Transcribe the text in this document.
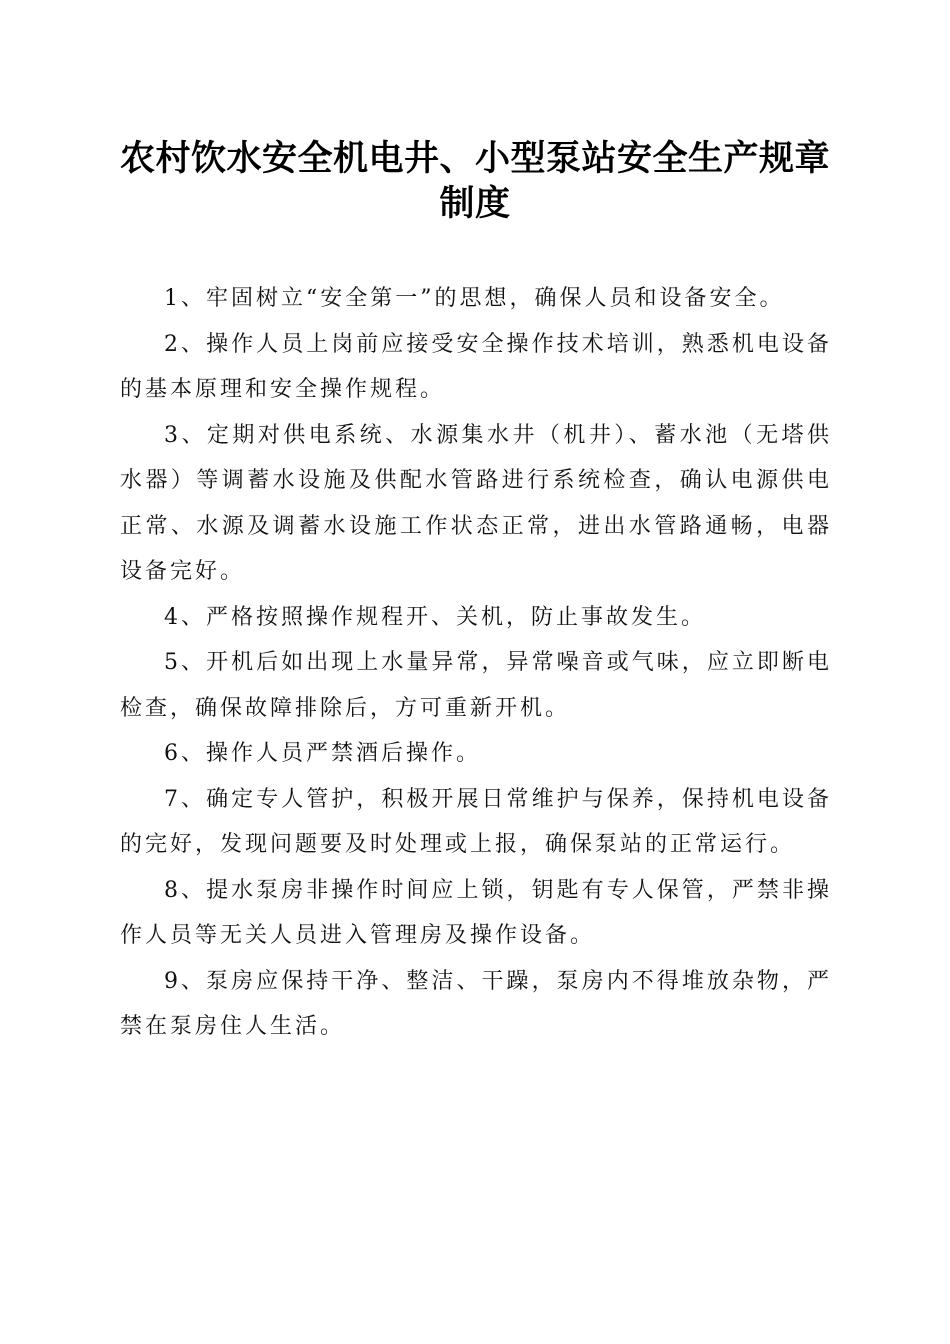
农村饮水安全机电井、小型泵站安全生产规章
制度

1、牢固树立“安全第一”的思想，确保人员和设备安全。

2、操作人员上岗前应接受安全操作技术培训，熟悉机电设备的基本原理和安全操作规程。

3、定期对供电系统、水源集水井（机井）、蓄水池（无塔供水器）等调蓄水设施及供配水管路进行系统检查，确认电源供电正常、水源及调蓄水设施工作状态正常，进出水管路通畅，电器设备完好。

4、严格按照操作规程开、关机，防止事故发生。

5、开机后如出现上水量异常，异常噪音或气味，应立即断电检查，确保故障排除后，方可重新开机。

6、操作人员严禁酒后操作。

7、确定专人管护，积极开展日常维护与保养，保持机电设备的完好，发现问题要及时处理或上报，确保泵站的正常运行。

8、提水泵房非操作时间应上锁，钥匙有专人保管，严禁非操作人员等无关人员进入管理房及操作设备。

9、泵房应保持干净、整洁、干躁，泵房内不得堆放杂物，严禁在泵房住人生活。
